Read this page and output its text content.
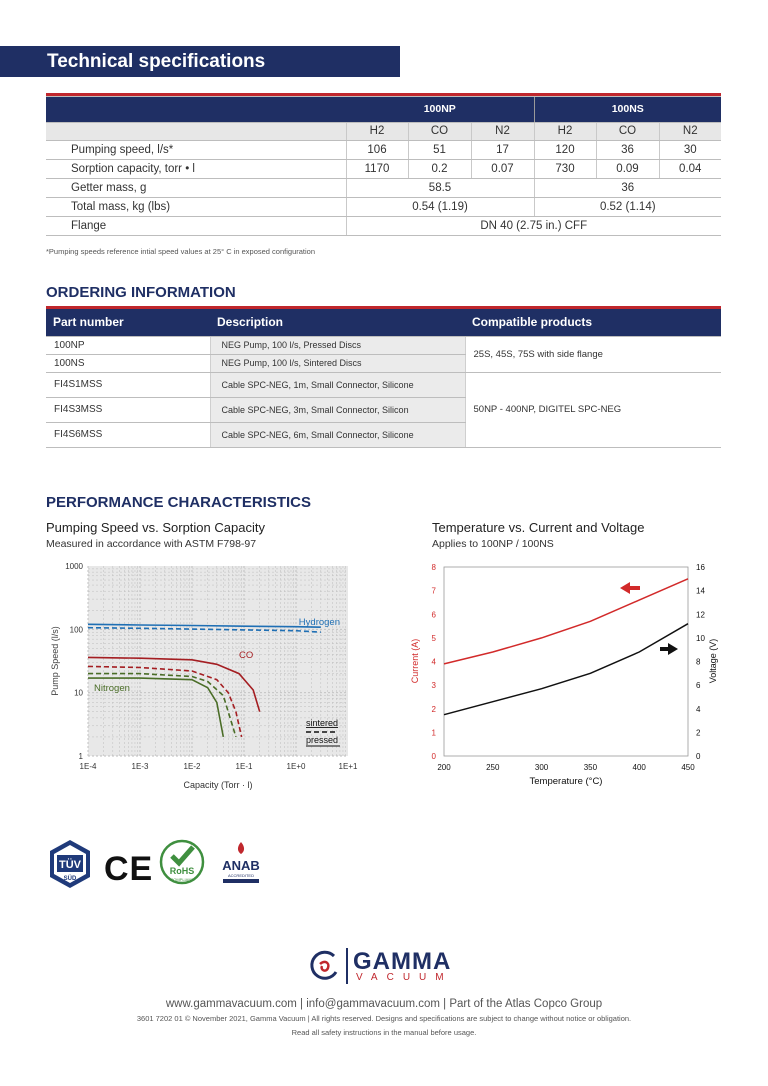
Technical specifications

	100NP			100NS		
	H2	CO	N2	H2	CO	N2
Pumping speed, l/s*	106	51	17	120	36	30
Sorption capacity, torr • l	1170	0.2	0.07	730	0.09	0.04
Getter mass, g	58.5			36		
Total mass, kg (lbs)	0.54 (1.19)			0.52 (1.14)		
Flange	DN 40 (2.75 in.) CFF					
*Pumping speeds reference intial speed values at 25° C in exposed configuration
ORDERING INFORMATION

Part number	Description	Compatible products
100NP	NEG Pump, 100 l/s, Pressed Discs	25S, 45S, 75S with side flange
100NS	NEG Pump, 100 l/s, Sintered Discs	
FI4S1MSS	Cable SPC-NEG, 1m, Small Connector, Silicone	50NP - 400NP, DIGITEL SPC-NEG
FI4S3MSS	Cable SPC-NEG, 3m, Small Connector, Silicon	
FI4S6MSS	Cable SPC-NEG, 6m, Small Connector, Silicone	
PERFORMANCE CHARACTERISTICS
Pumping Speed vs. Sorption Capacity
Measured in accordance with ASTM F798-97
Temperature vs. Current and Voltage
Applies to 100NP / 100NS
1E-4	1E-3	1E-2	1E-1	1E+0	1E+1
1
10
100
1000
Pump Speed (l/s)
Capacity (Torr · l)
Hydrogen
CO
Nitrogen
sintered
pressed
200	250	300	350	400	450
0
1
2
3
4
5
6
7
8
0
2
4
6
8
10
12
14
16
Current (A)	Voltage (V)
Temperature (°C)
TÜV
SÜD CE RoHS
COMPLIANT
ANAB
ACCREDITED
GAMMA
VACUUM
www.gammavacuum.com | info@gammavacuum.com | Part of the Atlas Copco Group
3601 7202 01 © November 2021, Gamma Vacuum | All rights reserved. Designs and specifications are subject to change without notice or obligation.
Read all safety instructions in the manual before usage.
